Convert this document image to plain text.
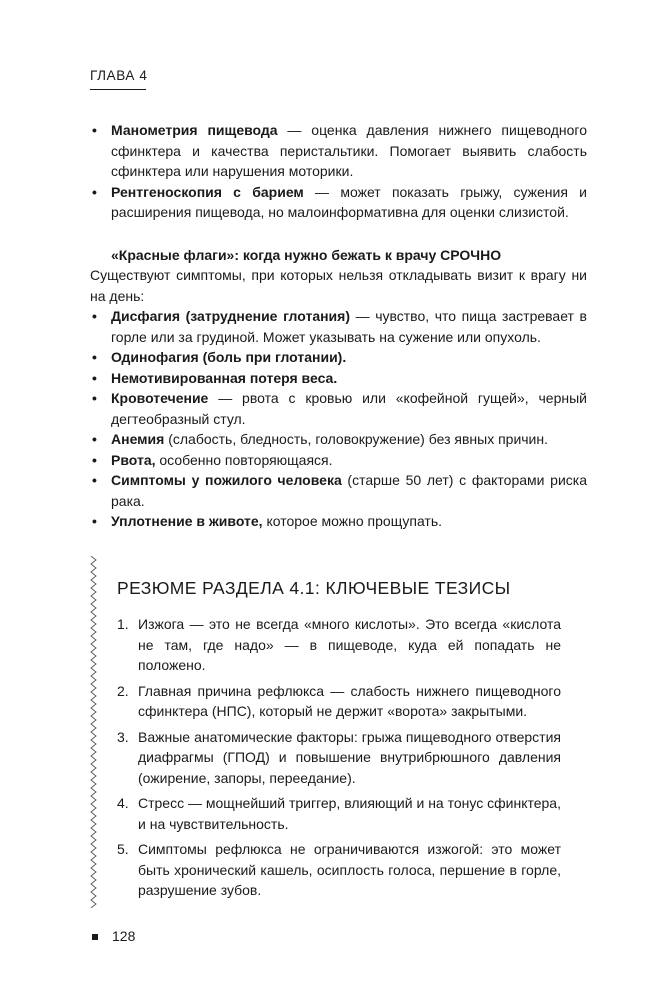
ГЛАВА 4
• Манометрия пищевода — оценка давления нижнего пищеводного сфинктера и качества перистальтики. Помогает выявить слабость сфинктера или нарушения моторики.
• Рентгеноскопия с барием — может показать грыжу, сужения и расширения пищевода, но малоинформативна для оценки слизистой.
«Красные флаги»: когда нужно бежать к врачу СРОЧНО
Существуют симптомы, при которых нельзя откладывать визит к врагу ни на день:
• Дисфагия (затруднение глотания) — чувство, что пища застревает в горле или за грудиной. Может указывать на сужение или опухоль.
• Одинофагия (боль при глотании).
• Немотивированная потеря веса.
• Кровотечение — рвота с кровью или «кофейной гущей», черный дегтеобразный стул.
• Анемия (слабость, бледность, головокружение) без явных причин.
• Рвота, особенно повторяющаяся.
• Симптомы у пожилого человека (старше 50 лет) с факторами риска рака.
• Уплотнение в животе, которое можно прощупать.
РЕЗЮМЕ РАЗДЕЛА 4.1: КЛЮЧЕВЫЕ ТЕЗИСЫ
1. Изжога — это не всегда «много кислоты». Это всегда «кислота не там, где надо» — в пищеводе, куда ей попадать не положено.
2. Главная причина рефлюкса — слабость нижнего пищеводного сфинктера (НПС), который не держит «ворота» закрытыми.
3. Важные анатомические факторы: грыжа пищеводного отверстия диафрагмы (ГПОД) и повышение внутрибрюшного давления (ожирение, запоры, переедание).
4. Стресс — мощнейший триггер, влияющий и на тонус сфинктера, и на чувствительность.
5. Симптомы рефлюкса не ограничиваются изжогой: это может быть хронический кашель, осиплость голоса, першение в горле, разрушение зубов.
128
